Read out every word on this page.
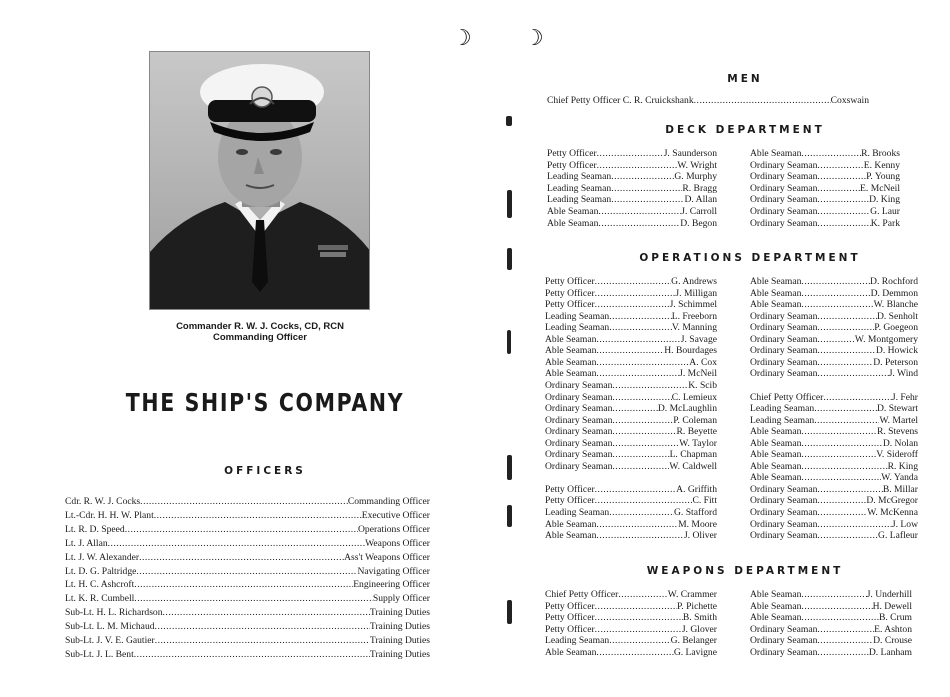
Commander R. W. J. Cocks, CD, RCN
Commanding Officer
THE SHIP'S COMPANY
OFFICERS
Cdr. R. W. J. Cocks .....	Commanding Officer
Lt.-Cdr. H. H. W. Plant .....	Executive Officer
Lt. R. D. Speed .....	Operations Officer
Lt. J. Allan .....	Weapons Officer
Lt. J. W. Alexander .....	Ass't Weapons Officer
Lt. D. G. Paltridge .....	Navigating Officer
Lt. H. C. Ashcroft .....	Engineering Officer
Lt. K. R. Cumbell .....	Supply Officer
Sub-Lt. H. L. Richardson .....	Training Duties
Sub-Lt. L. M. Michaud .....	Training Duties
Sub-Lt. J. V. E. Gautier .....	Training Duties
Sub-Lt. J. L. Bent .....	Training Duties
MEN
Chief Petty Officer C. R. Cruickshank .....	Coxswain
DECK DEPARTMENT
Petty Officer .....	J. Saunderson
Petty Officer .....	W. Wright
Leading Seaman .....	G. Murphy
Leading Seaman .....	R. Bragg
Leading Seaman .....	D. Allan
Able Seaman .....	J. Carroll
Able Seaman .....	D. Begon
Able Seaman .....	R. Brooks
Ordinary Seaman .....	E. Kenny
Ordinary Seaman .....	P. Young
Ordinary Seaman .....	E. McNeil
Ordinary Seaman .....	D. King
Ordinary Seaman .....	G. Laur
Ordinary Seaman .....	K. Park
OPERATIONS DEPARTMENT
Petty Officer .....	G. Andrews
Petty Officer .....	J. Milligan
Petty Officer .....	J. Schimmel
Leading Seaman .....	L. Freeborn
Leading Seaman .....	V. Manning
Able Seaman .....	J. Savage
Able Seaman .....	H. Bourdages
Able Seaman .....	A. Cox
Able Seaman .....	J. McNeil
Ordinary Seaman .....	K. Scib
Ordinary Seaman .....	C. Lemieux
Ordinary Seaman .....	D. McLaughlin
Ordinary Seaman .....	P. Coleman
Ordinary Seaman .....	R. Beyette
Ordinary Seaman .....	W. Taylor
Ordinary Seaman .....	L. Chapman
Ordinary Seaman .....	W. Caldwell
Petty Officer .....	A. Griffith
Petty Officer .....	C. Fitt
Leading Seaman .....	G. Stafford
Able Seaman .....	M. Moore
Able Seaman .....	J. Oliver
Able Seaman .....	D. Rochford
Able Seaman .....	D. Demmon
Able Seaman .....	W. Blanche
Ordinary Seaman .....	D. Senholt
Ordinary Seaman .....	P. Goegeon
Ordinary Seaman .....	W. Montgomery
Ordinary Seaman .....	D. Howick
Ordinary Seaman .....	D. Peterson
Ordinary Seaman .....	J. Wind
Chief Petty Officer .....	J. Fehr
Leading Seaman .....	D. Stewart
Leading Seaman .....	W. Martel
Able Seaman .....	R. Stevens
Able Seaman .....	D. Nolan
Able Seaman .....	V. Sideroff
Able Seaman .....	R. King
Able Seaman .....	W. Yanda
Ordinary Seaman .....	B. Millar
Ordinary Seaman .....	D. McGregor
Ordinary Seaman .....	W. McKenna
Ordinary Seaman .....	J. Low
Ordinary Seaman .....	G. Lafleur
WEAPONS DEPARTMENT
Chief Petty Officer .....	W. Crammer
Petty Officer .....	P. Pichette
Petty Officer .....	B. Smith
Petty Officer .....	J. Glover
Leading Seaman .....	G. Belanger
Able Seaman .....	G. Lavigne
Able Seaman .....	J. Underhill
Able Seaman .....	H. Dewell
Able Seaman .....	B. Crum
Ordinary Seaman .....	E. Ashton
Ordinary Seaman .....	D. Crouse
Ordinary Seaman .....	D. Lanham
☽ ☽
